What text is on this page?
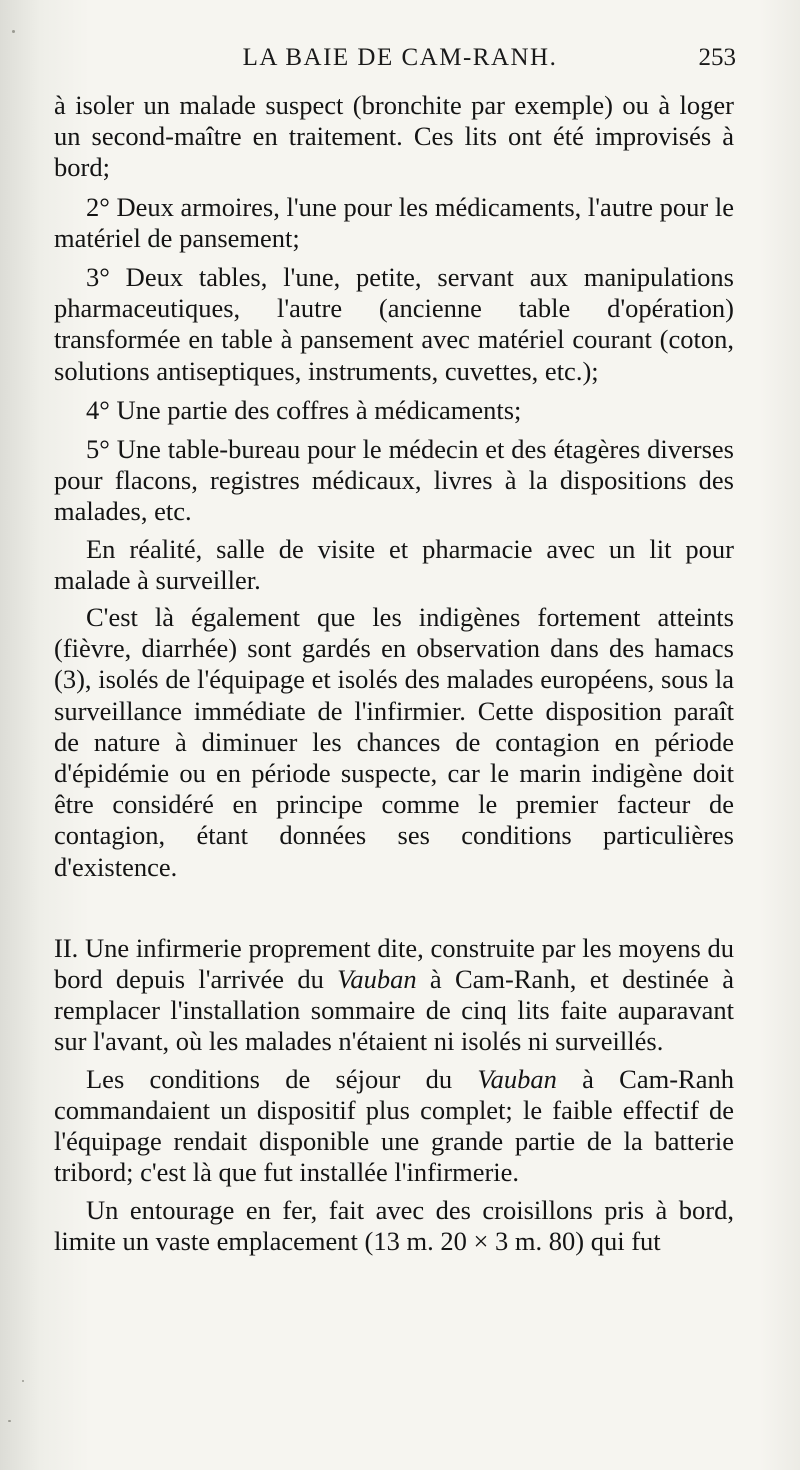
LA BAIE DE CAM-RANH.	253

à isoler un malade suspect (bronchite par exemple) ou à loger un second-maître en traitement. Ces lits ont été improvisés à bord;

2° Deux armoires, l'une pour les médicaments, l'autre pour le matériel de pansement;

3° Deux tables, l'une, petite, servant aux manipulations pharmaceutiques, l'autre (ancienne table d'opération) transformée en table à pansement avec matériel courant (coton, solutions antiseptiques, instruments, cuvettes, etc.);

4° Une partie des coffres à médicaments;

5° Une table-bureau pour le médecin et des étagères diverses pour flacons, registres médicaux, livres à la dispositions des malades, etc.

En réalité, salle de visite et pharmacie avec un lit pour malade à surveiller.

C'est là également que les indigènes fortement atteints (fièvre, diarrhée) sont gardés en observation dans des hamacs (3), isolés de l'équipage et isolés des malades européens, sous la surveillance immédiate de l'infirmier. Cette disposition paraît de nature à diminuer les chances de contagion en période d'épidémie ou en période suspecte, car le marin indigène doit être considéré en principe comme le premier facteur de contagion, étant données ses conditions particulières d'existence.

II. Une infirmerie proprement dite, construite par les moyens du bord depuis l'arrivée du Vauban à Cam-Ranh, et destinée à remplacer l'installation sommaire de cinq lits faite auparavant sur l'avant, où les malades n'étaient ni isolés ni surveillés.

Les conditions de séjour du Vauban à Cam-Ranh commandaient un dispositif plus complet; le faible effectif de l'équipage rendait disponible une grande partie de la batterie tribord; c'est là que fut installée l'infirmerie.

Un entourage en fer, fait avec des croisillons pris à bord, limite un vaste emplacement (13 m. 20 × 3 m. 80) qui fut
